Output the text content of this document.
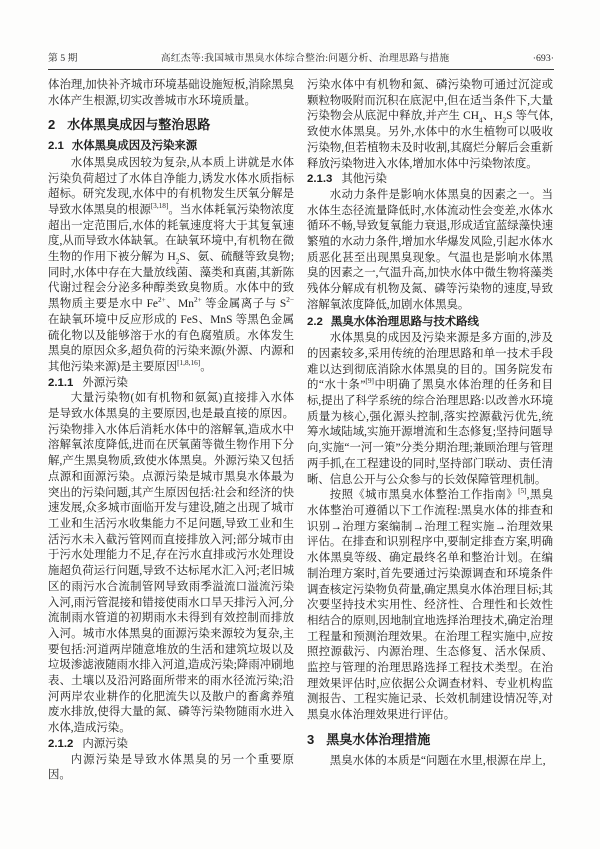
第 5 期	高红杰等:我国城市黑臭水体综合整治:问题分析、治理思路与措施	·693·

体治理,加快补齐城市环境基础设施短板,消除黑臭水体产生根源,切实改善城市水环境质量。

2 水体黑臭成因与整治思路
2.1 水体黑臭成因及污染来源

水体黑臭成因较为复杂,从本质上讲就是水体污染负荷超过了水体自净能力,诱发水体水质指标超标。研究发现,水体中的有机物发生厌氧分解是导致水体黑臭的根源[3,18]。当水体耗氧污染物浓度超出一定范围后,水体的耗氧速度将大于其复氧速度,从而导致水体缺氧。在缺氧环境中,有机物在微生物的作用下被分解为 $H_2S$、氨、硫醚等致臭物;同时,水体中存在大量放线菌、藻类和真菌,其新陈代谢过程会分泌多种醇类致臭物质。水体中的致黑物质主要是水中 Fe$^{2+}$、Mn$^{2+}$ 等金属离子与 S$^{2-}$ 在缺氧环境中反应形成的 FeS、MnS 等黑色金属硫化物以及能够溶于水的有色腐殖质。水体发生黑臭的原因众多,超负荷的污染来源(外源、内源和其他污染来源)是主要原因[1,8,16]。

2.1.1 外源污染

大量污染物(如有机物和氨氮)直接排入水体是导致水体黑臭的主要原因,也是最直接的原因。污染物排入水体后消耗水体中的溶解氧,造成水中溶解氧浓度降低,进而在厌氧菌等微生物作用下分解,产生黑臭物质,致使水体黑臭。外源污染又包括点源和面源污染。点源污染是城市黑臭水体最为突出的污染问题,其产生原因包括:社会和经济的快速发展,众多城市面临开发与建设,随之出现了城市工业和生活污水收集能力不足问题,导致工业和生活污水未入截污管网而直接排放入河;部分城市由于污水处理能力不足,存在污水直排或污水处理设施超负荷运行问题,导致不达标尾水汇入河;老旧城区的雨污水合流制管网导致雨季溢流口溢流污染入河,雨污管混接和错接使雨水口旱天排污入河,分流制雨水管道的初期雨水未得到有效控制而排放入河。城市水体黑臭的面源污染来源较为复杂,主要包括:河道两岸随意堆放的生活和建筑垃圾以及垃圾渗滤液随雨水排入河道,造成污染;降雨冲刷地表、土壤以及沿河路面所带来的雨水径流污染;沿河两岸农业耕作的化肥流失以及散户的畜禽养殖废水排放,使得大量的氮、磷等污染物随雨水进入水体,造成污染。

2.1.2 内源污染

内源污染是导致水体黑臭的另一个重要原因。

污染水体中有机物和氮、磷污染物可通过沉淀或颗粒物吸附而沉积在底泥中,但在适当条件下,大量污染物会从底泥中释放,并产生 $CH_4$、$H_2S$ 等气体,致使水体黑臭。另外,水体中的水生植物可以吸收污染物,但若植物未及时收割,其腐烂分解后会重新释放污染物进入水体,增加水体中污染物浓度。

2.1.3 其他污染

水动力条件是影响水体黑臭的因素之一。当水体生态径流量降低时,水体流动性会变差,水体水循环不畅,导致复氧能力衰退,形成适宜蓝绿藻快速繁殖的水动力条件,增加水华爆发风险,引起水体水质恶化甚至出现黑臭现象。气温也是影响水体黑臭的因素之一,气温升高,加快水体中微生物将藻类残体分解成有机物及氮、磷等污染物的速度,导致溶解氧浓度降低,加剧水体黑臭。

2.2 黑臭水体治理思路与技术路线

水体黑臭的成因及污染来源是多方面的,涉及的因素较多,采用传统的治理思路和单一技术手段难以达到彻底消除水体黑臭的目的。国务院发布的“水十条”[9]中明确了黑臭水体治理的任务和目标,提出了科学系统的综合治理思路:以改善水环境质量为核心,强化源头控制,落实控源截污优先,统筹水域陆域,实施开源增流和生态修复;坚持问题导向,实施“一河一策”分类分期治理;兼顾治理与管理两手抓,在工程建设的同时,坚持部门联动、责任清晰、信息公开与公众参与的长效保障管理机制。

按照《城市黑臭水体整治工作指南》[5],黑臭水体整治可遵循以下工作流程:黑臭水体的排查和识别→治理方案编制→治理工程实施→治理效果评估。在排查和识别程序中,要制定排查方案,明确水体黑臭等级、确定最终名单和整治计划。在编制治理方案时,首先要通过污染源调查和环境条件调查核定污染物负荷量,确定黑臭水体治理目标;其次要坚持技术实用性、经济性、合理性和长效性相结合的原则,因地制宜地选择治理技术,确定治理工程量和预测治理效果。在治理工程实施中,应按照控源截污、内源治理、生态修复、活水保质、监控与管理的治理思路选择工程技术类型。在治理效果评估时,应依据公众调查材料、专业机构监测报告、工程实施记录、长效机制建设情况等,对黑臭水体治理效果进行评估。

3 黑臭水体治理措施

黑臭水体的本质是“问题在水里,根源在岸上,
